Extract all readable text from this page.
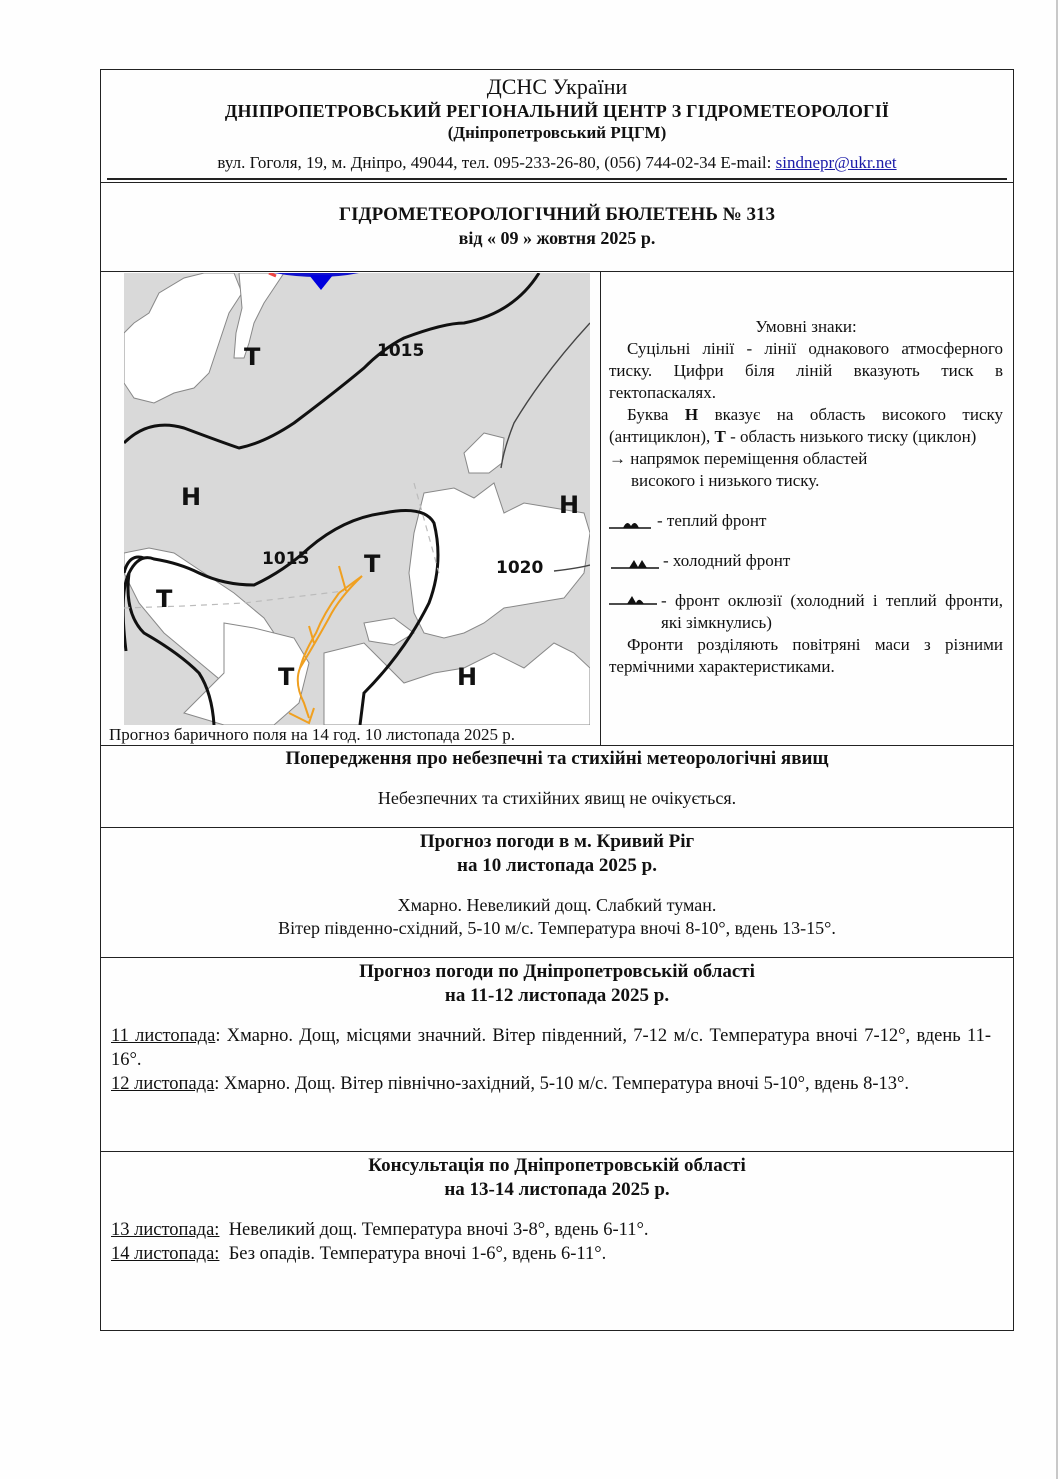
ДСНС України
ДНІПРОПЕТРОВСЬКИЙ РЕГІОНАЛЬНИЙ ЦЕНТР З ГІДРОМЕТЕОРОЛОГІЇ
(Дніпропетровський РЦГМ)
вул. Гоголя, 19, м. Дніпро, 49044, тел. 095-233-26-80, (056) 744-02-34 E-mail: sindnepr@ukr.net
ГІДРОМЕТЕОРОЛОГІЧНИЙ БЮЛЕТЕНЬ № 313
від « 09 » жовтня 2025 р.
1015
1015	1020
Т
Н	Н
Т
Т
Т	Н
Прогноз баричного поля на 14 год. 10 листопада 2025 р.

Умовні знаки:

Суцільні лінії - лінії однакового атмосферного тиску. Цифри біля ліній вказують тиск в гектопаскалях.

Буква Н вказує на область високого тиску (антициклон), Т - область низького тиску (циклон)

→ напрямок переміщення областей

високого і низького тиску.

- теплий фронт
- холодний фронт
- фронт оклюзії (холодний і теплий фронти, які зімкнулись)

Фронти розділяють повітряні маси з різними термічними характеристиками.

Попередження про небезпечні та стихійні метеорологічні явищ
Небезпечних та стихійних явищ не очікується.
Прогноз погоди в м. Кривий Ріг
на 10 листопада 2025 р.
Хмарно. Невеликий дощ. Слабкий туман.
Вітер південно-східний, 5-10 м/с. Температура вночі 8-10°, вдень 13-15°.
Прогноз погоди по Дніпропетровській області
на 11-12 листопада 2025 р.
11 листопада: Хмарно. Дощ, місцями значний. Вітер південний, 7-12 м/с. Температура вночі 7-12°, вдень 11-16°.
12 листопада: Хмарно. Дощ. Вітер північно-західний, 5-10 м/с. Температура вночі 5-10°, вдень 8-13°.
Консультація по Дніпропетровській області
на 13-14 листопада 2025 р.
13 листопада:  Невеликий дощ. Температура вночі 3-8°, вдень 6-11°.
14 листопада:  Без опадів. Температура вночі 1-6°, вдень 6-11°.
